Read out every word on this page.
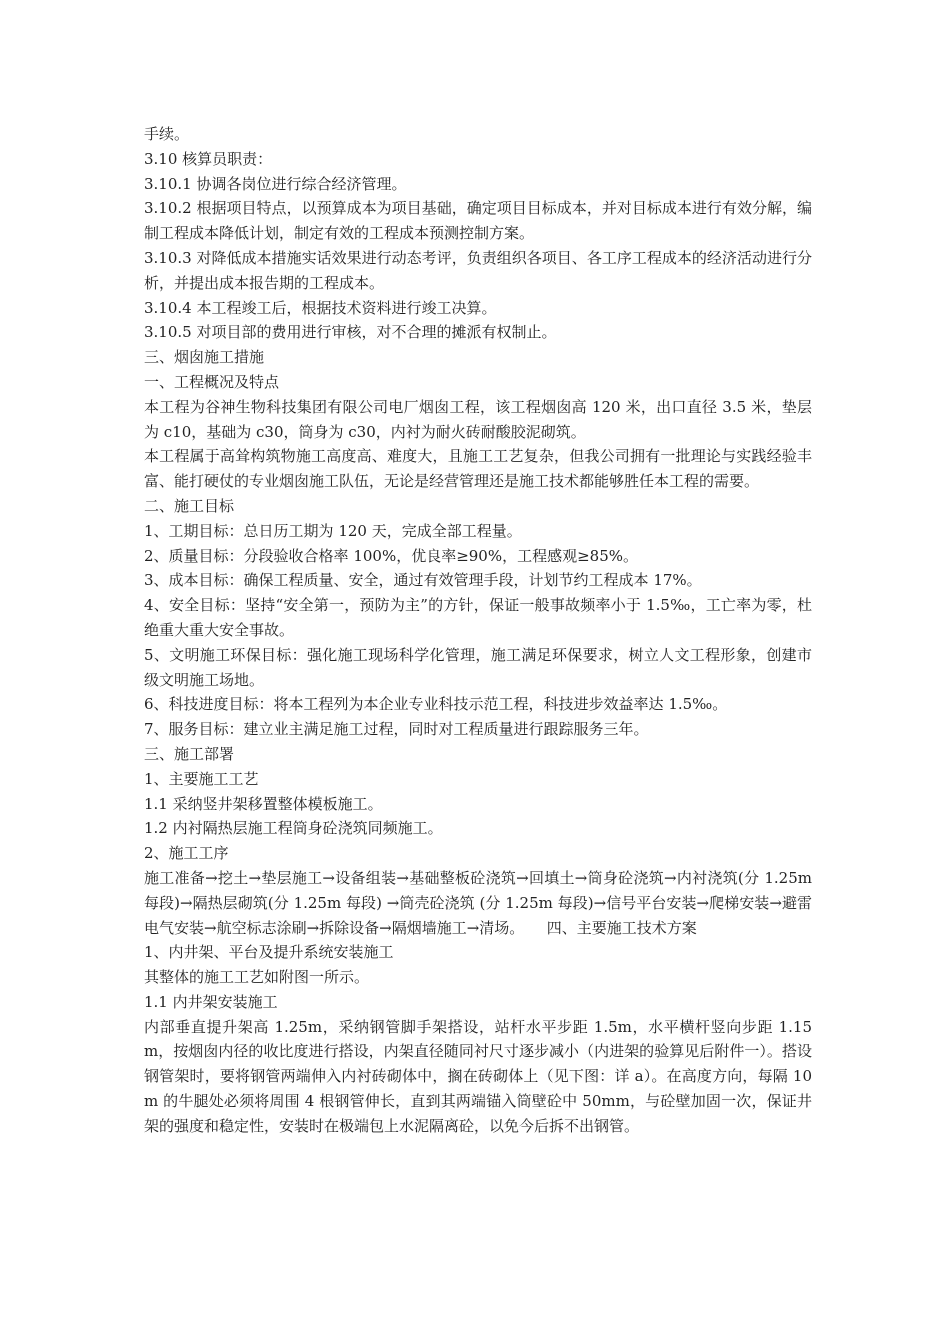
手续。

3.10 核算员职责：

3.10.1 协调各岗位进行综合经济管理。

3.10.2 根据项目特点，以预算成本为项目基础，确定项目目标成本，并对目标成本进行有效分解，编制工程成本降低计划，制定有效的工程成本预测控制方案。

3.10.3 对降低成本措施实话效果进行动态考评，负责组织各项目、各工序工程成本的经济活动进行分析，并提出成本报告期的工程成本。

3.10.4 本工程竣工后，根据技术资料进行竣工决算。

3.10.5 对项目部的费用进行审核，对不合理的摊派有权制止。

三、烟囱施工措施

一、工程概况及特点

本工程为谷神生物科技集团有限公司电厂烟囱工程，该工程烟囱高 120 米，出口直径 3.5 米，垫层为 c10，基础为 c30，筒身为 c30，内衬为耐火砖耐酸胶泥砌筑。

本工程属于高耸构筑物施工高度高、难度大，且施工工艺复杂，但我公司拥有一批理论与实践经验丰富、能打硬仗的专业烟囱施工队伍，无论是经营管理还是施工技术都能够胜任本工程的需要。

二、施工目标

1、工期目标：总日历工期为 120 天，完成全部工程量。

2、质量目标：分段验收合格率 100%，优良率≥90%，工程感观≥85%。

3、成本目标：确保工程质量、安全，通过有效管理手段，计划节约工程成本 17%。

4、安全目标：坚持“安全第一，预防为主”的方针，保证一般事故频率小于 1.5‰，工亡率为零，杜绝重大重大安全事故。

5、文明施工环保目标：强化施工现场科学化管理，施工满足环保要求，树立人文工程形象，创建市级文明施工场地。

6、科技进度目标：将本工程列为本企业专业科技示范工程，科技进步效益率达 1.5‰。

7、服务目标：建立业主满足施工过程，同时对工程质量进行跟踪服务三年。

三、施工部署

1、主要施工工艺

1.1 采纳竖井架移置整体模板施工。

1.2 内衬隔热层施工程筒身砼浇筑同频施工。

2、施工工序

施工准备→挖土→垫层施工→设备组装→基础整板砼浇筑→回填土→筒身砼浇筑→内衬浇筑(分 1.25m 每段)→隔热层砌筑(分 1.25m 每段) →筒壳砼浇筑 (分 1.25m 每段)→信号平台安装→爬梯安装→避雷电气安装→航空标志涂刷→拆除设备→隔烟墙施工→清场。　　四、主要施工技术方案

1、内井架、平台及提升系统安装施工

其整体的施工工艺如附图一所示。

1.1 内井架安装施工

内部垂直提升架高 1.25m，采纳钢管脚手架搭设，站杆水平步距 1.5m，水平横杆竖向步距 1.15m，按烟囱内径的收比度进行搭设，内架直径随同衬尺寸逐步减小（内进架的验算见后附件一）。搭设钢管架时，要将钢管两端伸入内衬砖砌体中，搁在砖砌体上（见下图：详 a）。在高度方向，每隔 10m 的牛腿处必须将周围 4 根钢管伸长，直到其两端锚入筒壁砼中 50mm，与砼壁加固一次，保证井架的强度和稳定性，安装时在极端包上水泥隔离砼，以免今后拆不出钢管。
